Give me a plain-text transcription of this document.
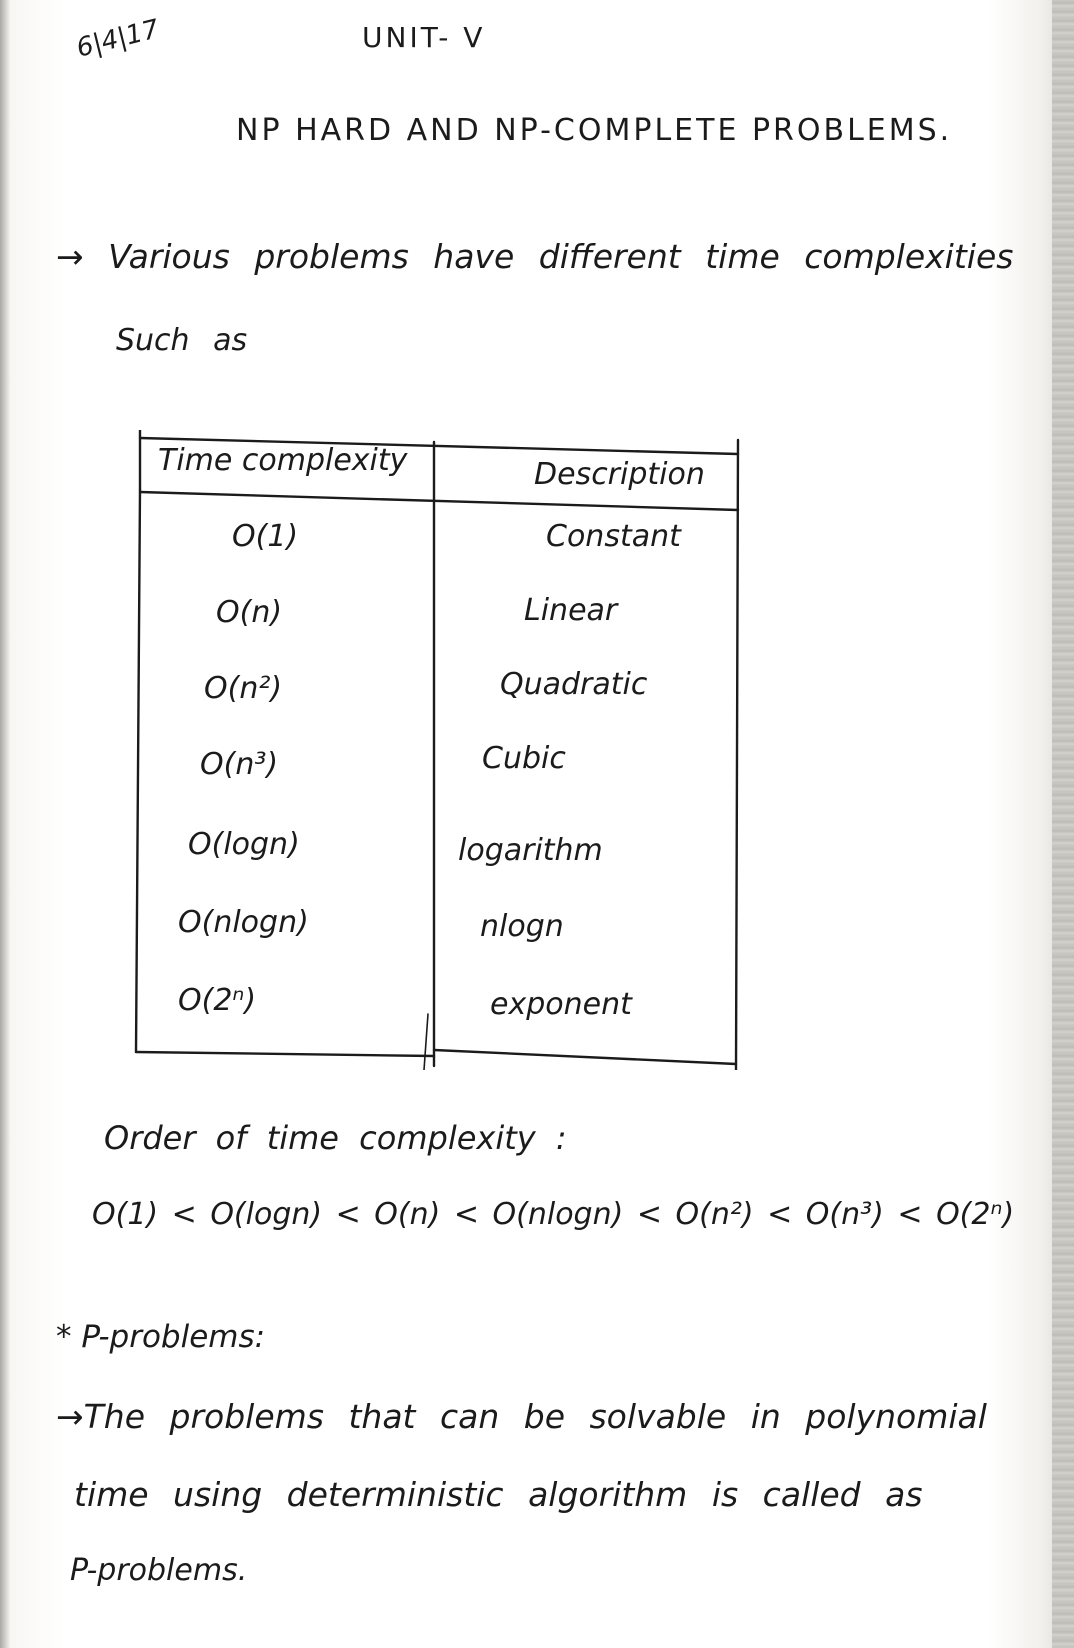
6|4|17	UNIT- V
NP HARD AND NP-COMPLETE PROBLEMS.
→ Various problems have different time complexities
Such as
Time complexity	Description
O(1)	Constant
O(n)	Linear
O(n²)	Quadratic
O(n³)	Cubic
O(logn)	logarithm
O(nlogn)	nlogn
O(2ⁿ)	exponent
Order of time complexity :
O(1) < O(logn) < O(n) < O(nlogn) < O(n²) < O(n³) < O(2ⁿ)
* P-problems:
→The problems that can be solvable in polynomial
time using deterministic algorithm is called as
P-problems.
